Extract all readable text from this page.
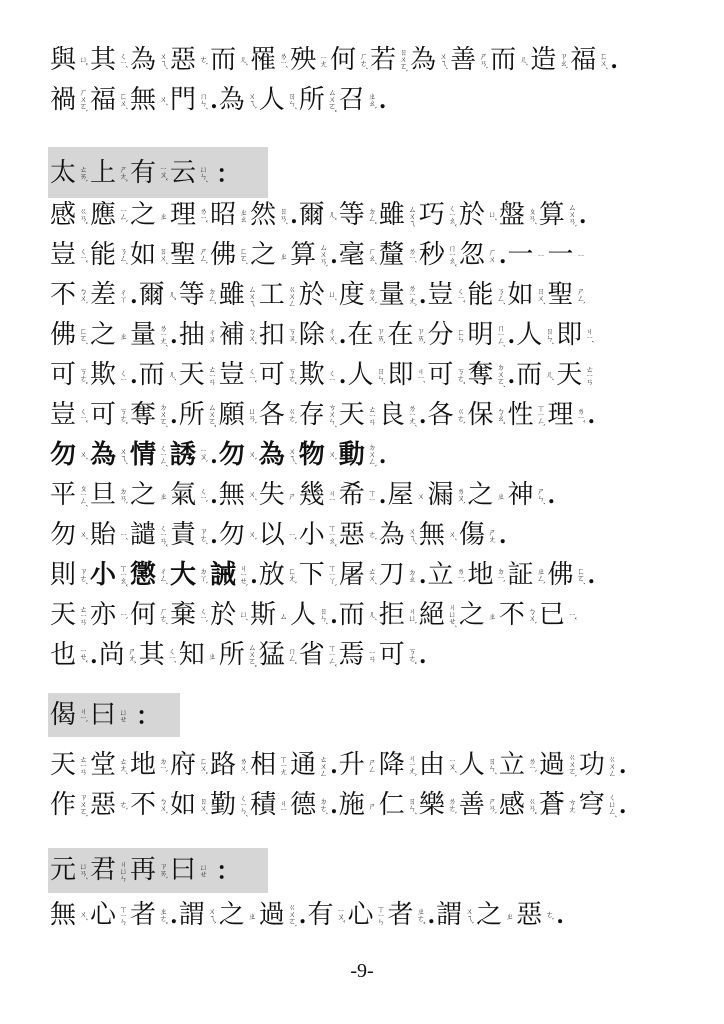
與 ㄩˇ 其 ㄑㄧˊ 為 ㄨㄟˊ 惡 ㄜˋ 而 ㄦˊ 罹 ㄌㄧˊ 殃 ㄧㄤ 何 ㄏㄜˊ 若 ㄖㄨㄛˋ 為 ㄨㄟˊ 善 ㄕㄢˋ 而 ㄦˊ 造 ㄗㄠˋ 福 ㄈㄨˊ .
禍 ㄏㄨㄛˋ 福 ㄈㄨˊ 無 ㄨˊ 門 ㄇㄣˊ . 為 ㄨㄟˋ 人 ㄖㄣˊ 所 ㄙㄨㄛˇ 召 ㄓㄠˋ .
太 ㄊㄞˋ 上 ㄕㄤˋ 有 ㄧㄡˇ 云 ㄩㄣˊ ：
感 ㄍㄢˇ 應 ㄧㄥˋ 之 ㄓ 理 ㄌㄧˇ 昭 ㄓㄠ 然 ㄖㄢˊ . 爾 ㄦˇ 等 ㄉㄥˇ 雖 ㄙㄨㄟ 巧 ㄑㄧㄠˇ 於 ㄩˊ 盤 ㄆㄢˊ 算 ㄙㄨㄢˋ .
豈 ㄑㄧˇ 能 ㄋㄥˊ 如 ㄖㄨˊ 聖 ㄕㄥˋ 佛 ㄈㄛˊ 之 ㄓ 算 ㄙㄨㄢˋ . 毫 ㄏㄠˊ 釐 ㄌㄧˊ 秒 ㄇㄧㄠˇ 忽 ㄏㄨ . 一 ㄧ 一 ㄧ
不 ㄅㄨˋ 差 ㄔㄚ . 爾 ㄦˇ 等 ㄉㄥˇ 雖 ㄙㄨㄟ 工 ㄍㄨㄥ 於 ㄩˊ 度 ㄉㄨˋ 量 ㄌㄧㄤˋ . 豈 ㄑㄧˇ 能 ㄋㄥˊ 如 ㄖㄨˊ 聖 ㄕㄥˋ
佛 ㄈㄛˊ 之 ㄓ 量 ㄌㄧㄤˊ . 抽 ㄔㄡ 補 ㄅㄨˇ 扣 ㄎㄡˋ 除 ㄔㄨˊ . 在 ㄗㄞˋ 在 ㄗㄞˋ 分 ㄈㄣ 明 ㄇㄧㄥˊ . 人 ㄖㄣˊ 即 ㄐㄧˊ
可 ㄎㄜˇ 欺 ㄑㄧ . 而 ㄦˊ 天 ㄊㄧㄢ 豈 ㄑㄧˇ 可 ㄎㄜˇ 欺 ㄑㄧ . 人 ㄖㄣˊ 即 ㄐㄧˊ 可 ㄎㄜˇ 奪 ㄉㄨㄛˊ . 而 ㄦˊ 天 ㄊㄧㄢ
豈 ㄑㄧˇ 可 ㄎㄜˇ 奪 ㄉㄨㄛˊ . 所 ㄙㄨㄛˇ 願 ㄩㄢˋ 各 ㄍㄜˋ 存 ㄘㄨㄣˊ 天 ㄊㄧㄢ 良 ㄌㄧㄤˊ . 各 ㄍㄜˋ 保 ㄅㄠˇ 性 ㄒㄧㄥˋ 理 ㄌㄧˇ .
勿 ㄨˋ 為 ㄨㄟˊ 情 ㄑㄧㄥˊ 誘 ㄧㄡˋ . 勿 ㄨˋ 為 ㄨㄟˊ 物 ㄨˋ 動 ㄉㄨㄥˋ .
平 ㄆㄧㄥˊ 旦 ㄉㄢˋ 之 ㄓ 氣 ㄑㄧˋ . 無 ㄨˊ 失 ㄕ 幾 ㄐㄧ 希 ㄒㄧ . 屋 ㄨ 漏 ㄌㄡˋ 之 ㄓ 神 ㄕㄣˊ .
勿 ㄨˋ 貽 ㄧˊ 譴 ㄑㄧㄢˇ 責 ㄗㄜˊ . 勿 ㄨˋ 以 ㄧˇ 小 ㄒㄧㄠˇ 惡 ㄜˋ 為 ㄨㄟˊ 無 ㄨˊ 傷 ㄕㄤ .
則 ㄗㄜˊ 小 ㄒㄧㄠˇ 懲 ㄔㄥˊ 大 ㄉㄚˋ 誡 ㄐㄧㄝˋ . 放 ㄈㄤˋ 下 ㄒㄧㄚˋ 屠 ㄊㄨˊ 刀 ㄉㄠ . 立 ㄌㄧˋ 地 ㄉㄧˋ 証 ㄓㄥˋ 佛 ㄈㄛˊ .
天 ㄊㄧㄢ 亦 ㄧˋ 何 ㄏㄜˊ 棄 ㄑㄧˋ 於 ㄩˊ 斯 ㄙ 人 ㄖㄣˊ . 而 ㄦˊ 拒 ㄐㄩˋ 絕 ㄐㄩㄝˊ 之 ㄓ 不 ㄅㄨˋ 已 ㄧˇ
也 ㄧㄝˇ . 尚 ㄕㄤˋ 其 ㄑㄧˊ 知 ㄓ 所 ㄙㄨㄛˇ 猛 ㄇㄥˇ 省 ㄒㄧㄥˇ 焉 ㄧㄢ 可 ㄎㄜˇ .
偈 ㄐㄧˋ 曰 ㄩㄝ ：
天 ㄊㄧㄢ 堂 ㄊㄤˊ 地 ㄉㄧˋ 府 ㄈㄨˇ 路 ㄌㄨˋ 相 ㄒㄧㄤ 通 ㄊㄨㄥ . 升 ㄕㄥ 降 ㄐㄧㄤˋ 由 ㄧㄡˊ 人 ㄖㄣˊ 立 ㄌㄧˋ 過 ㄍㄨㄛˋ 功 ㄍㄨㄥ .
作 ㄗㄨㄛˋ 惡 ㄜˋ 不 ㄅㄨˋ 如 ㄖㄨˊ 勤 ㄑㄧㄣˊ 積 ㄐㄧ 德 ㄉㄜˊ . 施 ㄕ 仁 ㄖㄣˊ 樂 ㄌㄜˋ 善 ㄕㄢˋ 感 ㄍㄢˇ 蒼 ㄘㄤ 穹 ㄑㄩㄥˊ .
元 ㄩㄢˊ 君 ㄐㄩㄣ 再 ㄗㄞˋ 曰 ㄩㄝ ：
無 ㄨˊ 心 ㄒㄧㄣ 者 ㄓㄜˇ . 謂 ㄨㄟˋ 之 ㄓ 過 ㄍㄨㄛˋ . 有 ㄧㄡˇ 心 ㄒㄧㄣ 者 ㄓㄜˇ . 謂 ㄨㄟˋ 之 ㄓ 惡 ㄜˋ .
-9-
